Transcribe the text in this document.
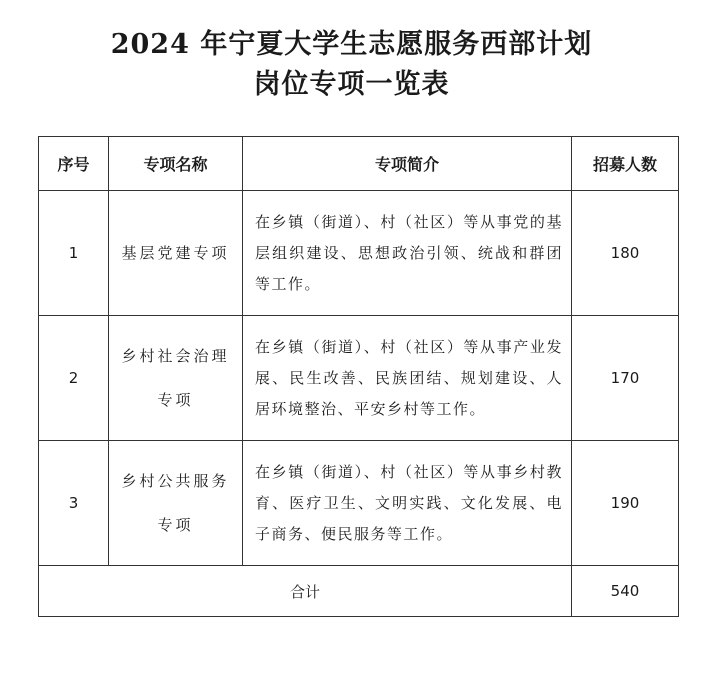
2024 年宁夏大学生志愿服务西部计划
岗位专项一览表
序号	专项名称	专项简介	招募人数
1	基层党建专项	在乡镇（街道）、村（社区）等从事党的基层组织建设、思想政治引领、统战和群团等工作。	180
2	乡村社会治理专项	在乡镇（街道）、村（社区）等从事产业发展、民生改善、民族团结、规划建设、人居环境整治、平安乡村等工作。	170
3	乡村公共服务专项	在乡镇（街道）、村（社区）等从事乡村教育、医疗卫生、文明实践、文化发展、电子商务、便民服务等工作。	190
合计			540
